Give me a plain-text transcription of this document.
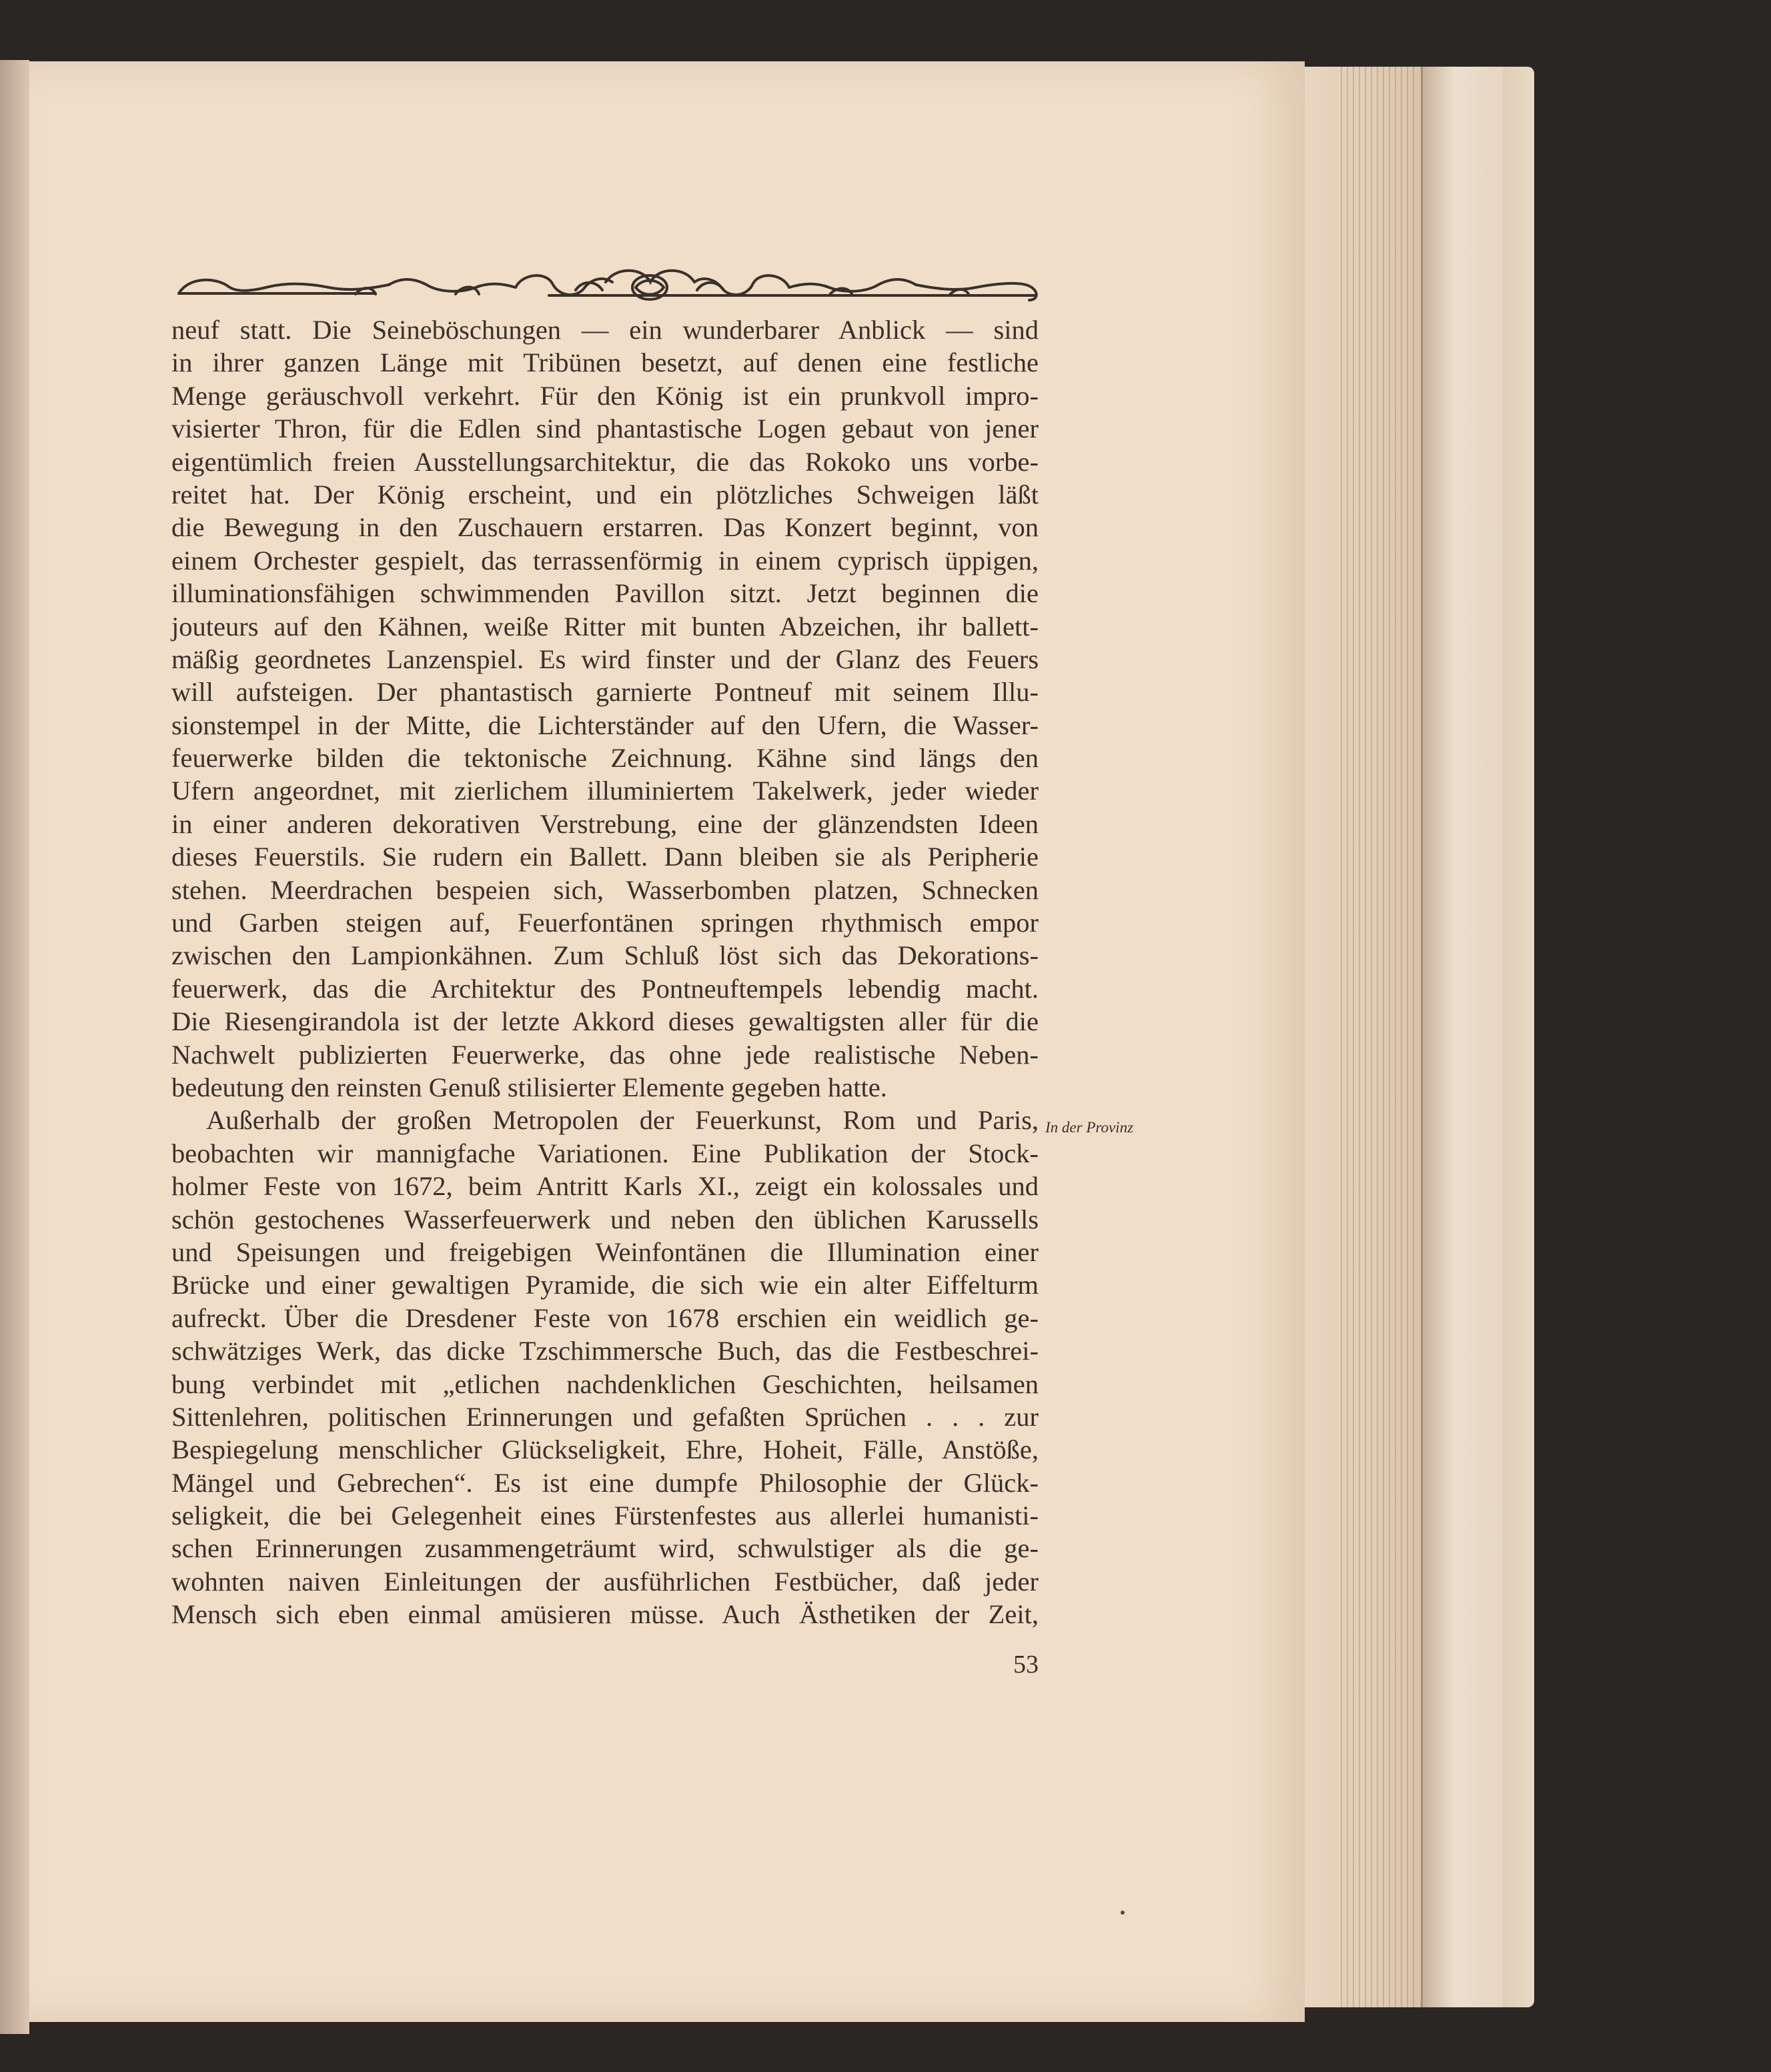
neuf statt. Die Seineböschungen — ein wunderbarer Anblick — sind
in ihrer ganzen Länge mit Tribünen besetzt, auf denen eine festliche
Menge geräuschvoll verkehrt. Für den König ist ein prunkvoll impro-
visierter Thron, für die Edlen sind phantastische Logen gebaut von jener
eigentümlich freien Ausstellungsarchitektur, die das Rokoko uns vorbe-
reitet hat. Der König erscheint, und ein plötzliches Schweigen läßt
die Bewegung in den Zuschauern erstarren. Das Konzert beginnt, von
einem Orchester gespielt, das terrassenförmig in einem cyprisch üppigen,
illuminationsfähigen schwimmenden Pavillon sitzt. Jetzt beginnen die
jouteurs auf den Kähnen, weiße Ritter mit bunten Abzeichen, ihr ballett-
mäßig geordnetes Lanzenspiel. Es wird finster und der Glanz des Feuers
will aufsteigen. Der phantastisch garnierte Pontneuf mit seinem Illu-
sionstempel in der Mitte, die Lichterständer auf den Ufern, die Wasser-
feuerwerke bilden die tektonische Zeichnung. Kähne sind längs den
Ufern angeordnet, mit zierlichem illuminiertem Takelwerk, jeder wieder
in einer anderen dekorativen Verstrebung, eine der glänzendsten Ideen
dieses Feuerstils. Sie rudern ein Ballett. Dann bleiben sie als Peripherie
stehen. Meerdrachen bespeien sich, Wasserbomben platzen, Schnecken
und Garben steigen auf, Feuerfontänen springen rhythmisch empor
zwischen den Lampionkähnen. Zum Schluß löst sich das Dekorations-
feuerwerk, das die Architektur des Pontneuftempels lebendig macht.
Die Riesengirandola ist der letzte Akkord dieses gewaltigsten aller für die
Nachwelt publizierten Feuerwerke, das ohne jede realistische Neben-
bedeutung den reinsten Genuß stilisierter Elemente gegeben hatte.
Außerhalb der großen Metropolen der Feuerkunst, Rom und Paris,
beobachten wir mannigfache Variationen. Eine Publikation der Stock-
holmer Feste von 1672, beim Antritt Karls XI., zeigt ein kolossales und
schön gestochenes Wasserfeuerwerk und neben den üblichen Karussells
und Speisungen und freigebigen Weinfontänen die Illumination einer
Brücke und einer gewaltigen Pyramide, die sich wie ein alter Eiffelturm
aufreckt. Über die Dresdener Feste von 1678 erschien ein weidlich ge-
schwätziges Werk, das dicke Tzschimmersche Buch, das die Festbeschrei-
bung verbindet mit „etlichen nachdenklichen Geschichten, heilsamen
Sittenlehren, politischen Erinnerungen und gefaßten Sprüchen . . . zur
Bespiegelung menschlicher Glückseligkeit, Ehre, Hoheit, Fälle, Anstöße,
Mängel und Gebrechen“. Es ist eine dumpfe Philosophie der Glück-
seligkeit, die bei Gelegenheit eines Fürstenfestes aus allerlei humanisti-
schen Erinnerungen zusammengeträumt wird, schwulstiger als die ge-
wohnten naiven Einleitungen der ausführlichen Festbücher, daß jeder
Mensch sich eben einmal amüsieren müsse. Auch Ästhetiken der Zeit,
In der Provinz
53
